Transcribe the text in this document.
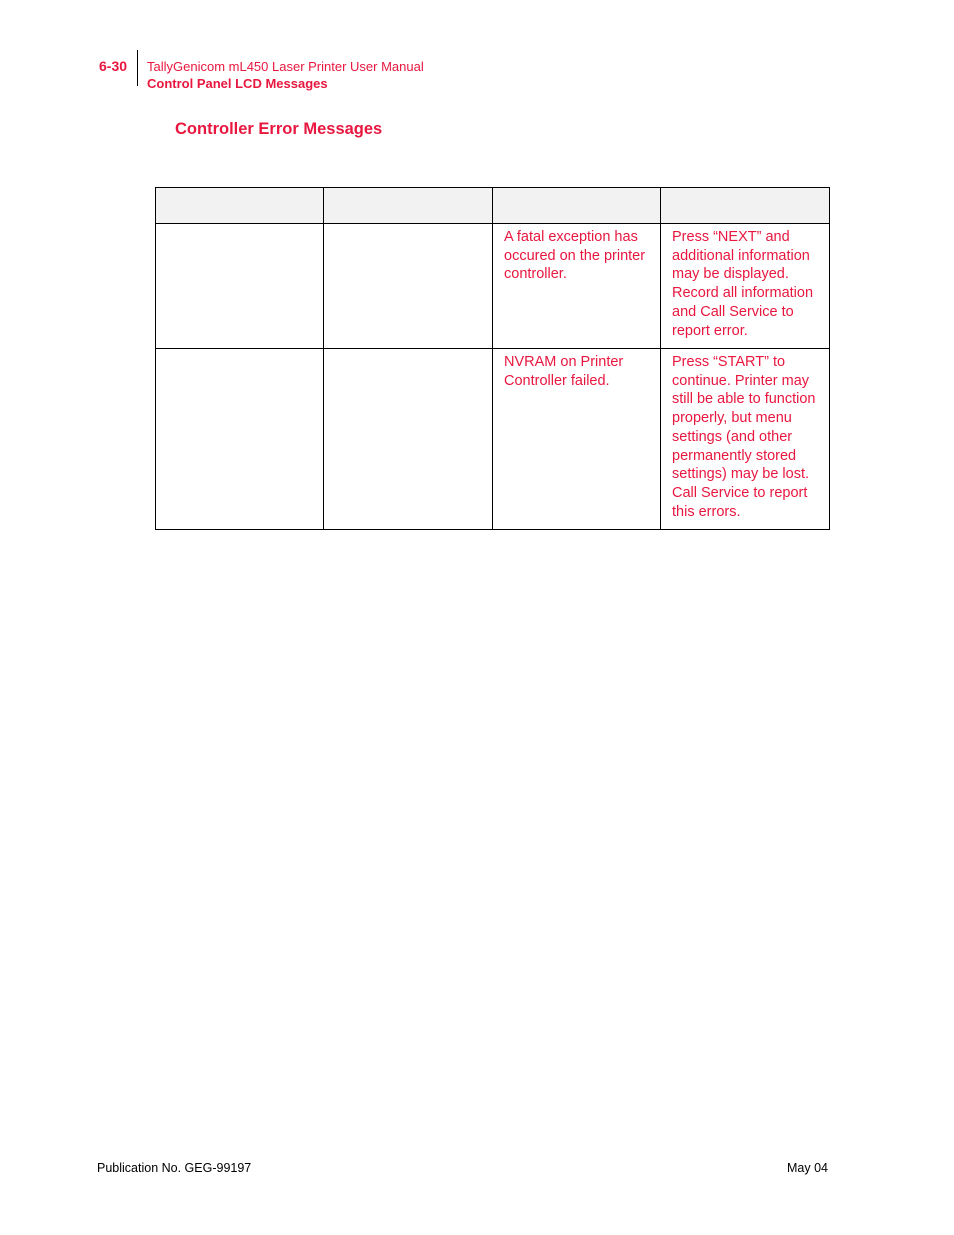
6-30 TallyGenicom mL450 Laser Printer User Manual
Control Panel LCD Messages
Controller Error Messages

		A fatal exception has occured on the printer controller.	Press “NEXT” and additional information may be displayed. Record all information and Call Service to report error.
		NVRAM on Printer Controller failed.	Press “START” to continue. Printer may still be able to function properly, but menu settings (and other permanently stored settings) may be lost. Call Service to report this errors.
Publication No. GEG-99197	May 04
